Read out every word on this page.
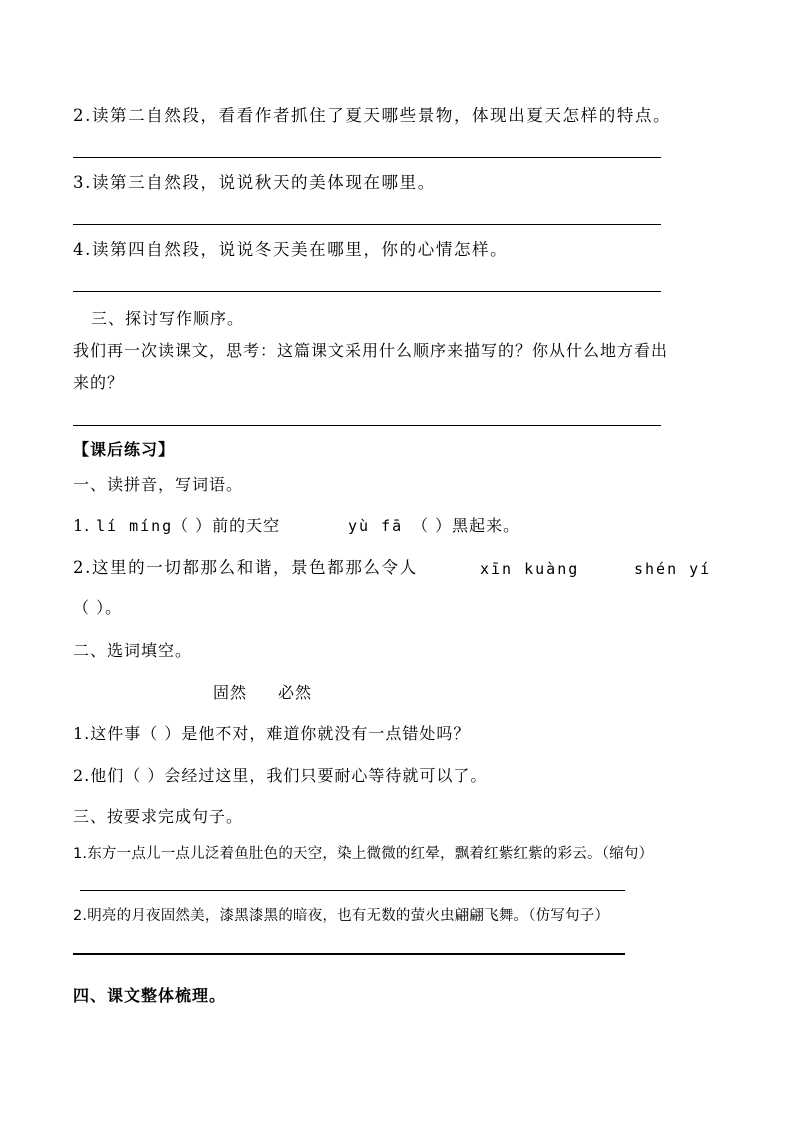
2.读第二自然段，看看作者抓住了夏天哪些景物，体现出夏天怎样的特点。
3.读第三自然段，说说秋天的美体现在哪里。
4.读第四自然段，说说冬天美在哪里，你的心情怎样。
三、探讨写作顺序。
我们再一次读课文，思考：这篇课文采用什么顺序来描写的？你从什么地方看出
来的？
【课后练习】
一、读拼音，写词语。
1. lí míng
（ ）前的天空	yù fā （ ）黑起来。
2.这里的一切都那么和谐，景色都那么令人	xīn kuàng	shén yí
（ ）。
二、选词填空。
固然 必然
1.这件事（ ）是他不对，难道你就没有一点错处吗？
2.他们（ ）会经过这里，我们只要耐心等待就可以了。
三、按要求完成句子。
1.东方一点儿一点儿泛着鱼肚色的天空，染上微微的红晕，飘着红紫红紫的彩云。（缩句）
2.明亮的月夜固然美，漆黑漆黑的暗夜，也有无数的萤火虫翩翩飞舞。（仿写句子）
四、课文整体梳理。
